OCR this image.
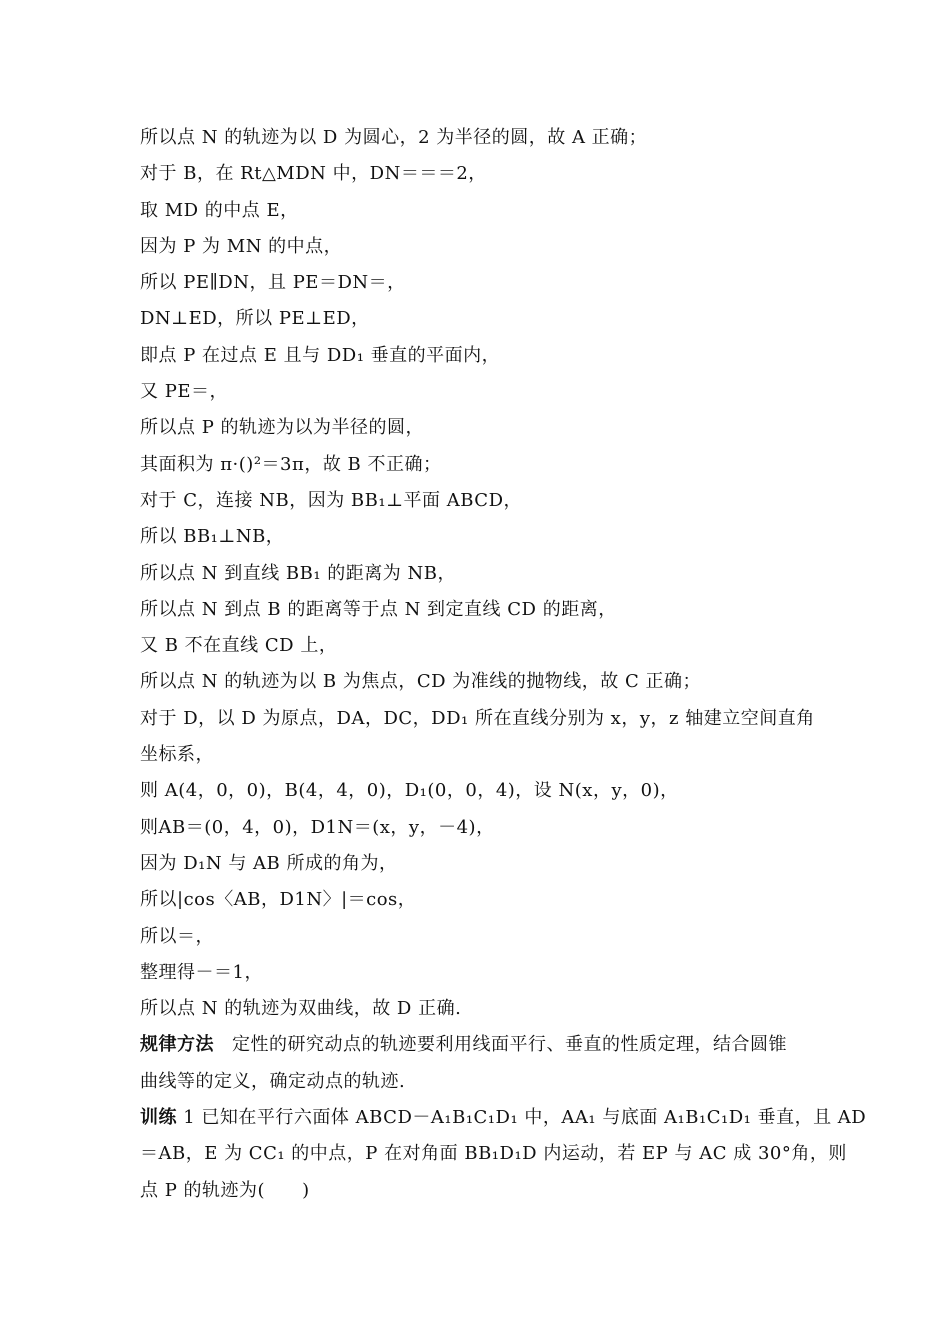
所以点 N 的轨迹为以 D 为圆心，2 为半径的圆，故 A 正确；
对于 B，在 Rt△MDN 中，DN＝＝＝2，
取 MD 的中点 E，
因为 P 为 MN 的中点，
所以 PE∥DN，且 PE＝DN＝，
DN⊥ED，所以 PE⊥ED，
即点 P 在过点 E 且与 DD₁ 垂直的平面内，
又 PE＝，
所以点 P 的轨迹为以为半径的圆，
其面积为 π·()²＝3π，故 B 不正确；
对于 C，连接 NB，因为 BB₁⊥平面 ABCD，
所以 BB₁⊥NB，
所以点 N 到直线 BB₁ 的距离为 NB，
所以点 N 到点 B 的距离等于点 N 到定直线 CD 的距离，
又 B 不在直线 CD 上，
所以点 N 的轨迹为以 B 为焦点，CD 为准线的抛物线，故 C 正确；
对于 D，以 D 为原点，DA，DC，DD₁ 所在直线分别为 x，y，z 轴建立空间直角
坐标系，
则 A(4，0，0)，B(4，4，0)，D₁(0，0，4)，设 N(x，y，0)，
则AB＝(0，4，0)，D1N＝(x，y，－4)，
因为 D₁N 与 AB 所成的角为，
所以|cos〈AB，D1N〉|＝cos，
所以＝，
整理得－＝1，
所以点 N 的轨迹为双曲线，故 D 正确.
规律方法 定性的研究动点的轨迹要利用线面平行、垂直的性质定理，结合圆锥
曲线等的定义，确定动点的轨迹.
训练 1 已知在平行六面体 ABCD－A₁B₁C₁D₁ 中，AA₁ 与底面 A₁B₁C₁D₁ 垂直，且 AD
＝AB，E 为 CC₁ 的中点，P 在对角面 BB₁D₁D 内运动，若 EP 与 AC 成 30°角，则
点 P 的轨迹为(　　)
